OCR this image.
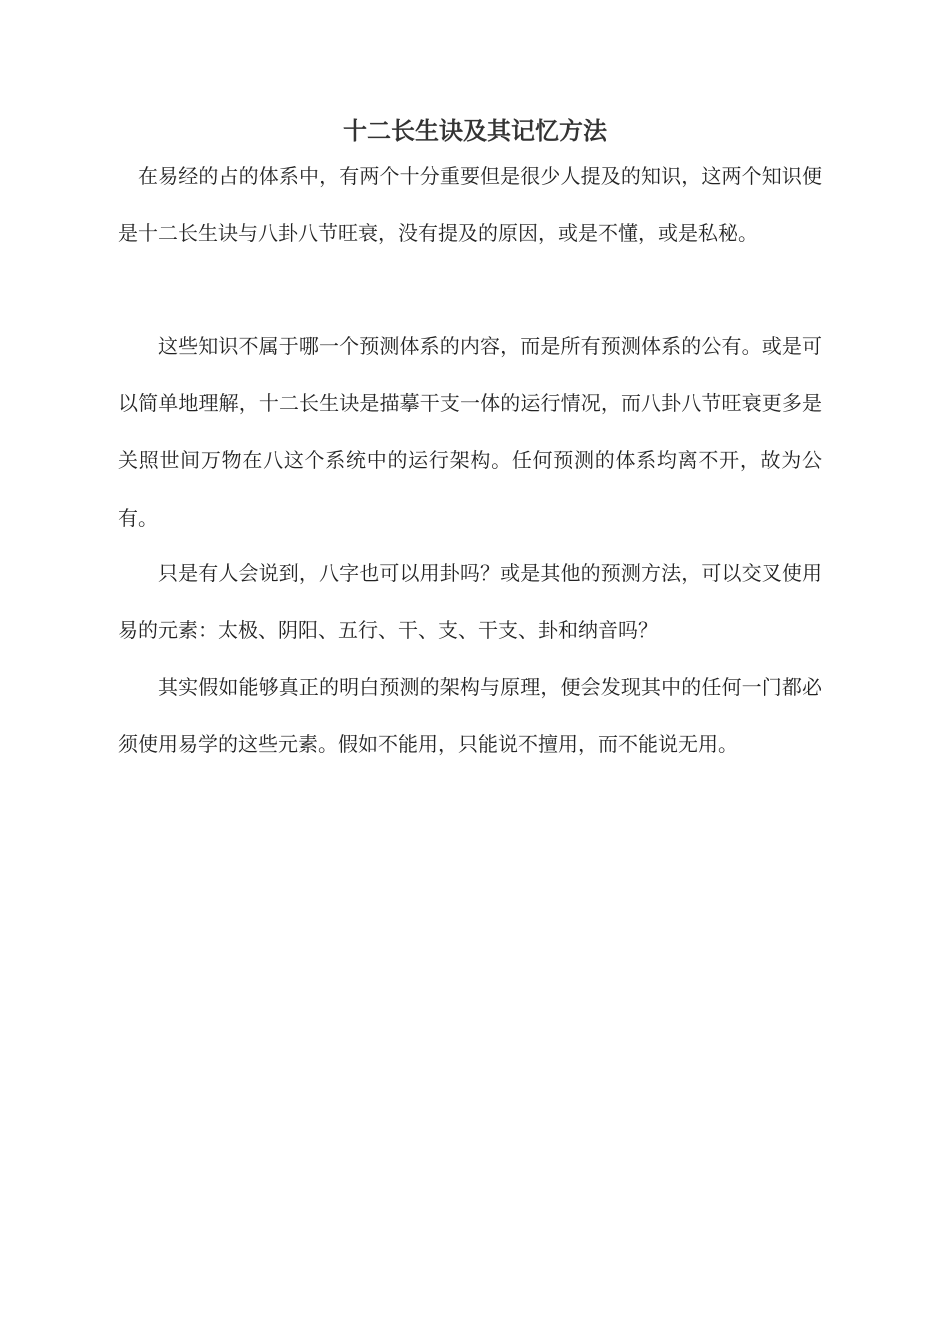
十二长生诀及其记忆方法

在易经的占的体系中，有两个十分重要但是很少人提及的知识，这两个知识便是十二长生诀与八卦八节旺衰，没有提及的原因，或是不懂，或是私秘。

这些知识不属于哪一个预测体系的内容，而是所有预测体系的公有。或是可以简单地理解，十二长生诀是描摹干支一体的运行情况，而八卦八节旺衰更多是关照世间万物在八这个系统中的运行架构。任何预测的体系均离不开，故为公有。

只是有人会说到，八字也可以用卦吗？或是其他的预测方法，可以交叉使用易的元素：太极、阴阳、五行、干、支、干支、卦和纳音吗？

其实假如能够真正的明白预测的架构与原理，便会发现其中的任何一门都必须使用易学的这些元素。假如不能用，只能说不擅用，而不能说无用。
